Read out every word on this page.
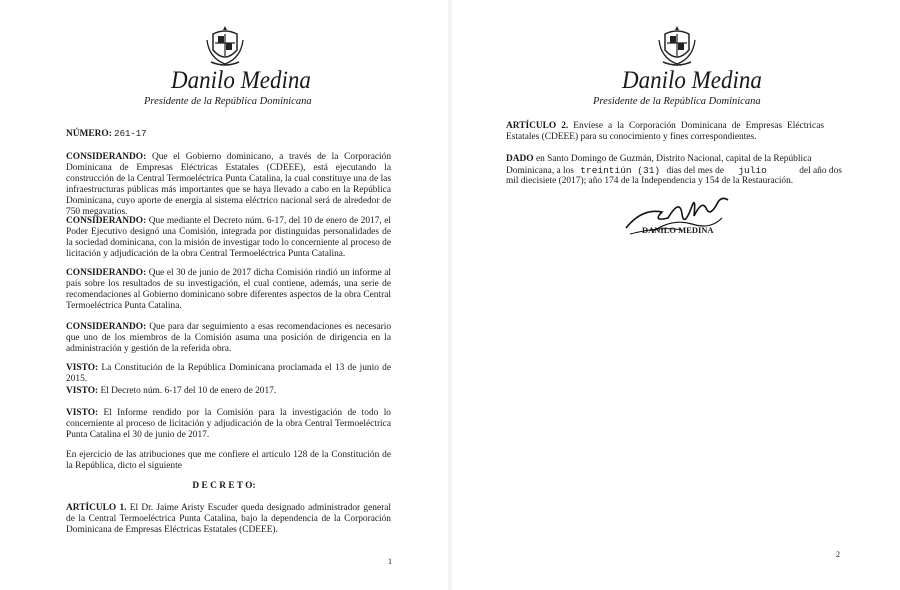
Danilo Medina
Presidente de la República Dominicana
NÚMERO: 261-17

CONSIDERANDO: Que el Gobierno dominicano, a través de la Corporación Dominicana de Empresas Eléctricas Estatales (CDEEE), está ejecutando la construcción de la Central Termoeléctrica Punta Catalina, la cual constituye una de las infraestructuras públicas más importantes que se haya llevado a cabo en la República Dominicana, cuyo aporte de energía al sistema eléctrico nacional será de alrededor de 750 megavatios.

CONSIDERANDO: Que mediante el Decreto núm. 6-17, del 10 de enero de 2017, el Poder Ejecutivo designó una Comisión, integrada por distinguidas personalidades de la sociedad dominicana, con la misión de investigar todo lo concerniente al proceso de licitación y adjudicación de la obra Central Termoeléctrica Punta Catalina.

CONSIDERANDO: Que el 30 de junio de 2017 dicha Comisión rindió un informe al país sobre los resultados de su investigación, el cual contiene, además, una serie de recomendaciones al Gobierno dominicano sobre diferentes aspectos de la obra Central Termoeléctrica Punta Catalina.

CONSIDERANDO: Que para dar seguimiento a esas recomendaciones es necesario que uno de los miembros de la Comisión asuma una posición de dirigencia en la administración y gestión de la referida obra.

VISTO: La Constitución de la República Dominicana proclamada el 13 de junio de 2015.

VISTO: El Decreto núm. 6-17 del 10 de enero de 2017.

VISTO: El Informe rendido por la Comisión para la investigación de todo lo concerniente al proceso de licitación y adjudicación de la obra Central Termoeléctrica Punta Catalina el 30 de junio de 2017.

En ejercicio de las atribuciones que me confiere el artículo 128 de la Constitución de la República, dicto el siguiente

D E C R E T O:

ARTÍCULO 1. El Dr. Jaime Aristy Escuder queda designado administrador general de la Central Termoeléctrica Punta Catalina, bajo la dependencia de la Corporación Dominicana de Empresas Eléctricas Estatales (CDEEE).

1
Danilo Medina
Presidente de la República Dominicana

ARTÍCULO 2. Envíese a la Corporación Dominicana de Empresas Eléctricas Estatales (CDEEE) para su conocimiento y fines correspondientes.

DADO en Santo Domingo de Guzmán, Distrito Nacional, capital de la República
Dominicana, a los treintiún (31) días del mes de julio	del año dos
mil diecisiete (2017); año 174 de la Independencia y 154 de la Restauración.
DANILO MEDINA
2
